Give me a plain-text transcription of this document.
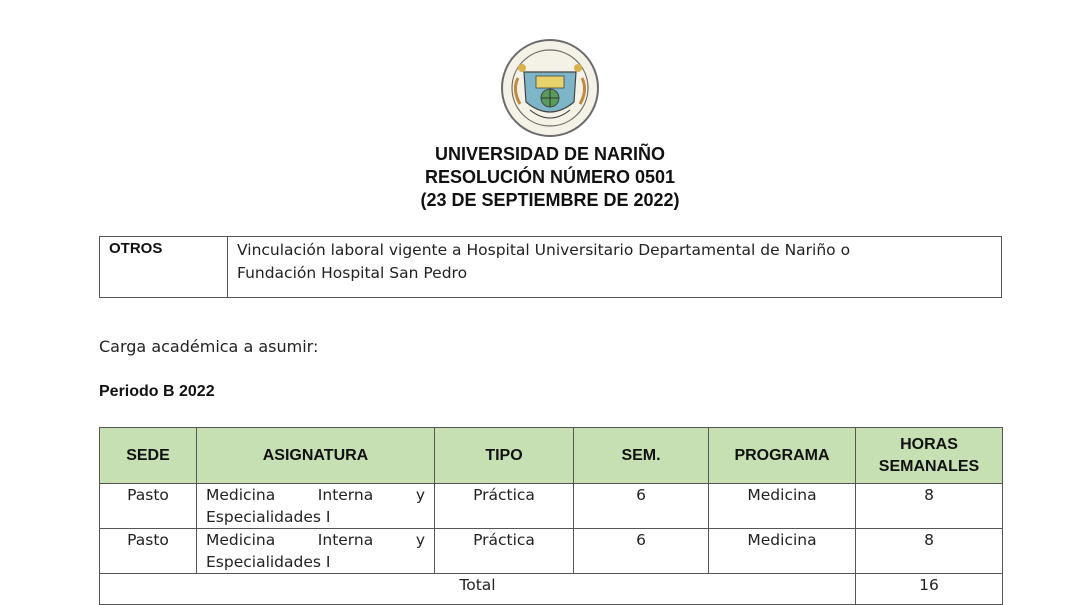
UNIVERSIDAD DE NARIÑO
RESOLUCIÓN NÚMERO 0501
(23 DE SEPTIEMBRE DE 2022)
OTROS	Vinculación laboral vigente a Hospital Universitario Departamental de Nariño o
Fundación Hospital San Pedro
Carga académica a asumir:
Periodo B 2022
SEDE	ASIGNATURA	TIPO	SEM.	PROGRAMA	HORAS
SEMANALES

Pasto	Medicina Interna y
Especialidades I	Práctica	6	Medicina	8
Pasto	Medicina Interna y
Especialidades I	Práctica	6	Medicina	8
Total					16
